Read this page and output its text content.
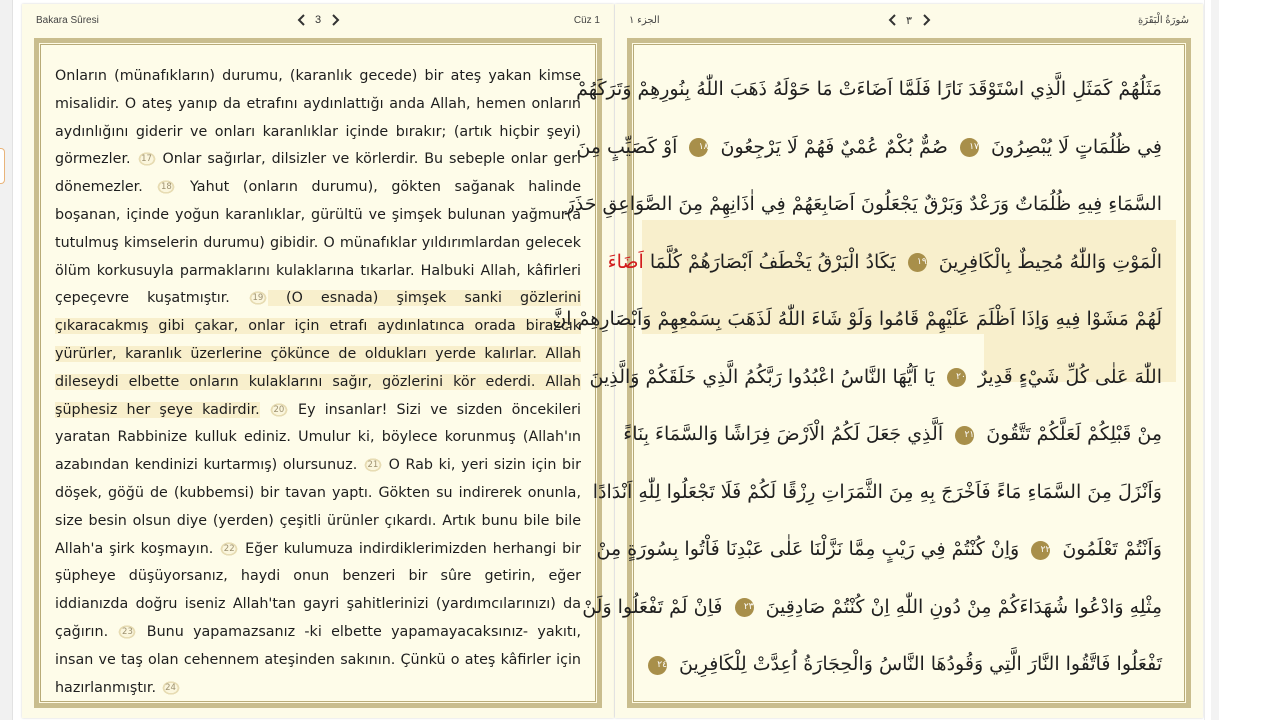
Bakara Sûresi	3	Cüz 1
Onların (münafıkların) durumu, (karanlık gecede) bir ateş yakan kimse misalidir. O ateş yanıp da etrafını aydınlattığı anda Allah, hemen onların aydınlığını giderir ve onları karanlıklar içinde bırakır; (artık hiçbir şeyi) görmezler. 17 Onlar sağırlar, dilsizler ve körlerdir. Bu sebeple onlar geri dönemezler. 18 Yahut (onların durumu), gökten sağanak halinde boşanan, içinde yoğun karanlıklar, gürültü ve şimşek bulunan yağmur(a tutulmuş kimselerin durumu) gibidir. O münafıklar yıldırımlardan gelecek ölüm korkusuyla parmaklarını kulaklarına tıkarlar. Halbuki Allah, kâfirleri çepeçevre kuşatmıştır.	19 (O esnada) şimşek sanki gözlerini çıkaracakmış gibi çakar, onlar için etrafı aydınlatınca orada birazcık yürürler, karanlık üzerlerine çökünce de oldukları yerde kalırlar. Allah dileseydi elbette onların kulaklarını sağır, gözlerini kör ederdi. Allah şüphesiz her şeye kadirdir. 20 Ey insanlar! Sizi ve sizden öncekileri yaratan Rabbinize kulluk ediniz. Umulur ki, böylece korunmuş (Allah'ın azabından kendinizi kurtarmış) olursunuz. 21 O Rab ki, yeri sizin için bir döşek, göğü de (kubbemsi) bir tavan yaptı. Gökten su indirerek onunla, size besin olsun diye (yerden) çeşitli ürünler çıkardı. Artık bunu bile bile Allah'a şirk koşmayın. 22 Eğer kulumuza indirdiklerimizden herhangi bir şüpheye düşüyorsanız, haydi onun benzeri bir sûre getirin, eğer iddianızda doğru iseniz Allah'tan gayri şahitlerinizi (yardımcılarınızı) da çağırın. 23 Bunu yapamazsanız -ki elbette yapamayacaksınız- yakıtı, insan ve taş olan cehennem ateşinden sakının. Çünkü o ateş kâfirler için hazırlanmıştır. 24
الجزء ١	٣	سُورَةُ الْبَقَرَةِ
مَثَلُهُمْ كَمَثَلِ الَّذِي اسْتَوْقَدَ نَارًا فَلَمَّا اَضَاءَتْ مَا حَوْلَهُ ذَهَبَ اللّٰهُ بِنُورِهِمْ وَتَرَكَهُمْ
فِي ظُلُمَاتٍ لَا يُبْصِرُونَ ١٧ صُمٌّ بُكْمٌ عُمْيٌ فَهُمْ لَا يَرْجِعُونَ ١٨ اَوْ كَصَيِّبٍ مِنَ
السَّمَاءِ فِيهِ ظُلُمَاتٌ وَرَعْدٌ وَبَرْقٌ يَجْعَلُونَ اَصَابِعَهُمْ فِي اٰذَانِهِمْ مِنَ الصَّوَاعِقِ حَذَرَ
الْمَوْتِ وَاللّٰهُ مُحِيطٌ بِالْكَافِرِينَ ١٩ يَكَادُ الْبَرْقُ يَخْطَفُ اَبْصَارَهُمْ كُلَّمَا اَضَاءَ
لَهُمْ مَشَوْا فِيهِ وَاِذَا اَظْلَمَ عَلَيْهِمْ قَامُوا وَلَوْ شَاءَ اللّٰهُ لَذَهَبَ بِسَمْعِهِمْ وَاَبْصَارِهِمْ اِنَّ
اللّٰهَ عَلٰى كُلِّ شَيْءٍ قَدِيرٌ ٢٠ يَا اَيُّهَا النَّاسُ اعْبُدُوا رَبَّكُمُ الَّذِي خَلَقَكُمْ وَالَّذِينَ
مِنْ قَبْلِكُمْ لَعَلَّكُمْ تَتَّقُونَ ٢١ اَلَّذِي جَعَلَ لَكُمُ الْاَرْضَ فِرَاشًا وَالسَّمَاءَ بِنَاءً
وَاَنْزَلَ مِنَ السَّمَاءِ مَاءً فَاَخْرَجَ بِهِ مِنَ الثَّمَرَاتِ رِزْقًا لَكُمْ فَلَا تَجْعَلُوا لِلّٰهِ اَنْدَادًا
وَاَنْتُمْ تَعْلَمُونَ ٢٢ وَاِنْ كُنْتُمْ فِي رَيْبٍ مِمَّا نَزَّلْنَا عَلٰى عَبْدِنَا فَاْتُوا بِسُورَةٍ مِنْ
مِثْلِهِ وَادْعُوا شُهَدَاءَكُمْ مِنْ دُونِ اللّٰهِ اِنْ كُنْتُمْ صَادِقِينَ ٢٣ فَاِنْ لَمْ تَفْعَلُوا وَلَنْ
تَفْعَلُوا فَاتَّقُوا النَّارَ الَّتِي وَقُودُهَا النَّاسُ وَالْحِجَارَةُ اُعِدَّتْ لِلْكَافِرِينَ ٢٤
